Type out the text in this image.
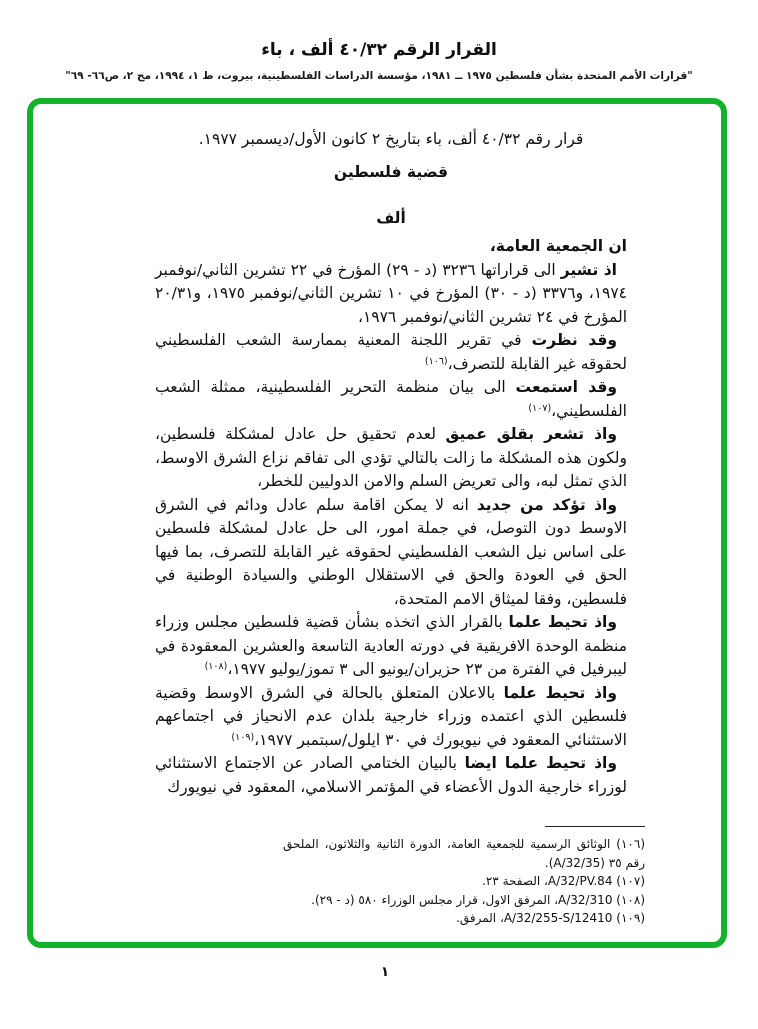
القرار الرقم ٤٠/٣٢ ألف ، باء
"قرارات الأمم المتحدة بشأن فلسطين ١٩٧٥ ــ ١٩٨١، مؤسسة الدراسات الفلسطينية، بيروت، ط ١، ١٩٩٤، مج ٢، ص٦٦- ٦٩"
قرار رقم ٤٠/٣٢ ألف، باء بتاريخ ٢ كانون الأول/ديسمبر ١٩٧٧.
قضية فلسطين
ألف
ان الجمعية العامة،

اذ تشير الى قراراتها ٣٢٣٦ (د - ٢٩) المؤرخ في ٢٢ تشرين الثاني/نوفمبر ١٩٧٤، و٣٣٧٦ (د - ٣٠) المؤرخ في ١٠ تشرين الثاني/نوفمبر ١٩٧٥، و٢٠/٣١ المؤرخ في ٢٤ تشرين الثاني/نوفمبر ١٩٧٦،

وقد نظرت في تقرير اللجنة المعنية بممارسة الشعب الفلسطيني لحقوقه غير القابلة للتصرف،$^{(١٠٦)}$

وقد استمعت الى بيان منظمة التحرير الفلسطينية، ممثلة الشعب الفلسطيني،$^{(١٠٧)}$

واذ تشعر بقلق عميق لعدم تحقيق حل عادل لمشكلة فلسطين، ولكون هذه المشكلة ما زالت بالتالي تؤدي الى تفاقم نزاع الشرق الاوسط، الذي تمثل لبه، والى تعريض السلم والامن الدوليين للخطر،

واذ تؤكد من جديد انه لا يمكن اقامة سلم عادل ودائم في الشرق الاوسط دون التوصل، في جملة امور، الى حل عادل لمشكلة فلسطين على اساس نيل الشعب الفلسطيني لحقوقه غير القابلة للتصرف، بما فيها الحق في العودة والحق في الاستقلال الوطني والسيادة الوطنية في فلسطين، وفقا لميثاق الامم المتحدة،

واذ تحيط علما بالقرار الذي اتخذه بشأن قضية فلسطين مجلس وزراء منظمة الوحدة الافريقية في دورته العادية التاسعة والعشرين المعقودة في ليبرفيل في الفترة من ٢٣ حزيران/يونيو الى ٣ تموز/يوليو ١٩٧٧،$^{(١٠٨)}$

واذ تحيط علما بالاعلان المتعلق بالحالة في الشرق الاوسط وقضية فلسطين الذي اعتمده وزراء خارجية بلدان عدم الانحياز في اجتماعهم الاستثنائي المعقود في نيويورك في ٣٠ ايلول/سبتمبر ١٩٧٧،$^{(١٠٩)}$

واذ تحيط علما ايضا بالبيان الختامي الصادر عن الاجتماع الاستثنائي لوزراء خارجية الدول الأعضاء في المؤتمر الاسلامي، المعقود في نيويورك

(١٠٦) الوثائق الرسمية للجمعية العامة، الدورة الثانية والثلاثون، الملحق رقم ٣٥ (A/32/35).

(١٠٧) A/32/PV.84، الصفحة ٢٣.

(١٠٨) A/32/310، المرفق الاول، قرار مجلس الوزراء ٥٨٠ (د - ٢٩).

(١٠٩) A/32/255-S/12410، المرفق.

١
